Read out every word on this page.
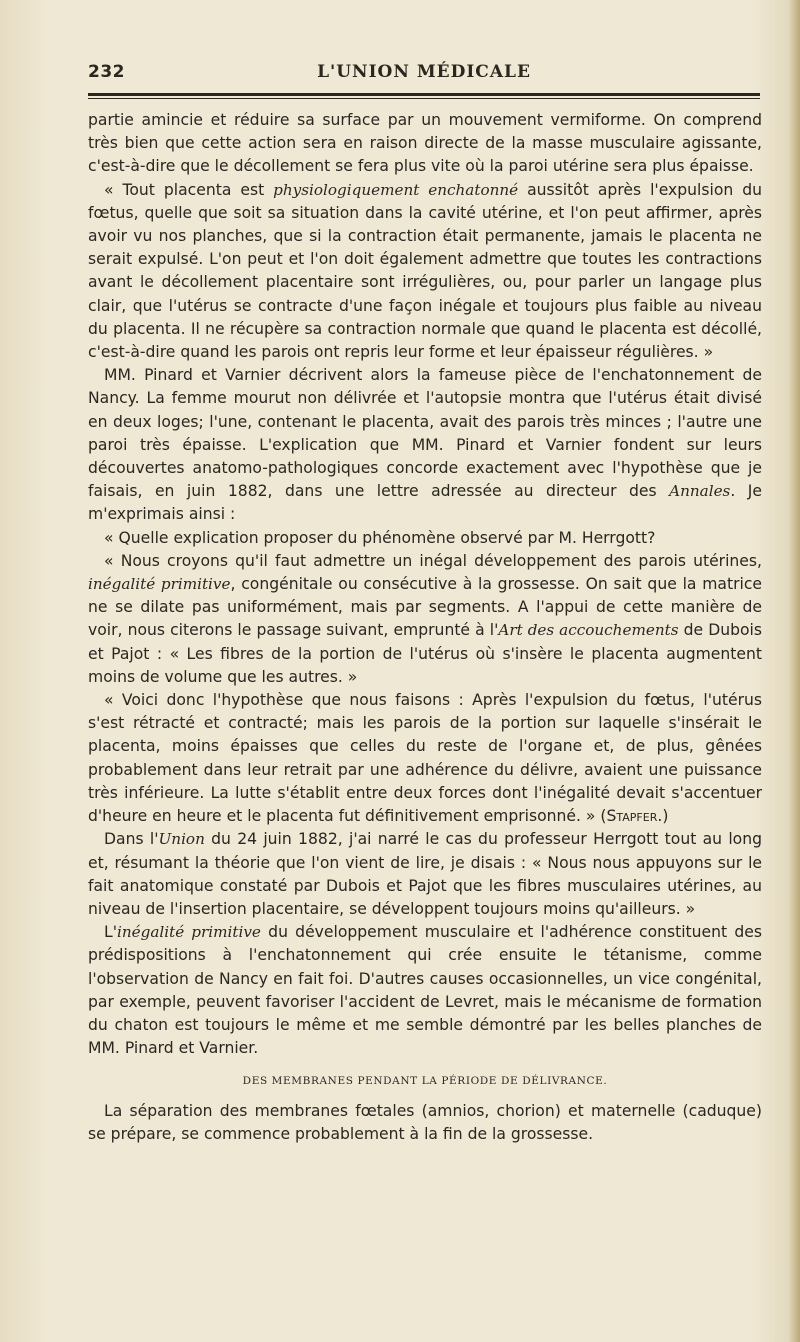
232	L'UNION MÉDICALE

partie amincie et réduire sa surface par un mouvement vermiforme. On comprend très bien que cette action sera en raison directe de la masse musculaire agissante, c'est-à-dire que le décollement se fera plus vite où la paroi utérine sera plus épaisse.

« Tout placenta est physiologiquement enchatonné aussitôt après l'expulsion du fœtus, quelle que soit sa situation dans la cavité utérine, et l'on peut affirmer, après avoir vu nos planches, que si la contraction était permanente, jamais le placenta ne serait expulsé. L'on peut et l'on doit également admettre que toutes les contractions avant le décollement placentaire sont irrégulières, ou, pour parler un langage plus clair, que l'utérus se contracte d'une façon inégale et toujours plus faible au niveau du placenta. Il ne récupère sa contraction normale que quand le placenta est décollé, c'est-à-dire quand les parois ont repris leur forme et leur épaisseur régulières. »

MM. Pinard et Varnier décrivent alors la fameuse pièce de l'enchatonnement de Nancy. La femme mourut non délivrée et l'autopsie montra que l'utérus était divisé en deux loges; l'une, contenant le placenta, avait des parois très minces ; l'autre une paroi très épaisse. L'explication que MM. Pinard et Varnier fondent sur leurs découvertes anatomo-pathologiques concorde exactement avec l'hypothèse que je faisais, en juin 1882, dans une lettre adressée au directeur des Annales. Je m'exprimais ainsi :

« Quelle explication proposer du phénomène observé par M. Herrgott?

« Nous croyons qu'il faut admettre un inégal développement des parois utérines, inégalité primitive, congénitale ou consécutive à la grossesse. On sait que la matrice ne se dilate pas uniformément, mais par segments. A l'appui de cette manière de voir, nous citerons le passage suivant, emprunté à l'Art des accouchements de Dubois et Pajot : « Les fibres de la portion de l'utérus où s'insère le placenta augmentent moins de volume que les autres. »

« Voici donc l'hypothèse que nous faisons : Après l'expulsion du fœtus, l'utérus s'est rétracté et contracté; mais les parois de la portion sur laquelle s'insérait le placenta, moins épaisses que celles du reste de l'organe et, de plus, gênées probablement dans leur retrait par une adhérence du délivre, avaient une puissance très inférieure. La lutte s'établit entre deux forces dont l'inégalité devait s'accentuer d'heure en heure et le placenta fut définitivement emprisonné. » (Stapfer.)

Dans l'Union du 24 juin 1882, j'ai narré le cas du professeur Herrgott tout au long et, résumant la théorie que l'on vient de lire, je disais : « Nous nous appuyons sur le fait anatomique constaté par Dubois et Pajot que les fibres musculaires utérines, au niveau de l'insertion placentaire, se développent toujours moins qu'ailleurs. »

L'inégalité primitive du développement musculaire et l'adhérence constituent des prédispositions à l'enchatonnement qui crée ensuite le tétanisme, comme l'observation de Nancy en fait foi. D'autres causes occasionnelles, un vice congénital, par exemple, peuvent favoriser l'accident de Levret, mais le mécanisme de formation du chaton est toujours le même et me semble démontré par les belles planches de MM. Pinard et Varnier.

DES MEMBRANES PENDANT LA PÉRIODE DE DÉLIVRANCE.

La séparation des membranes fœtales (amnios, chorion) et maternelle (caduque) se prépare, se commence probablement à la fin de la grossesse.
